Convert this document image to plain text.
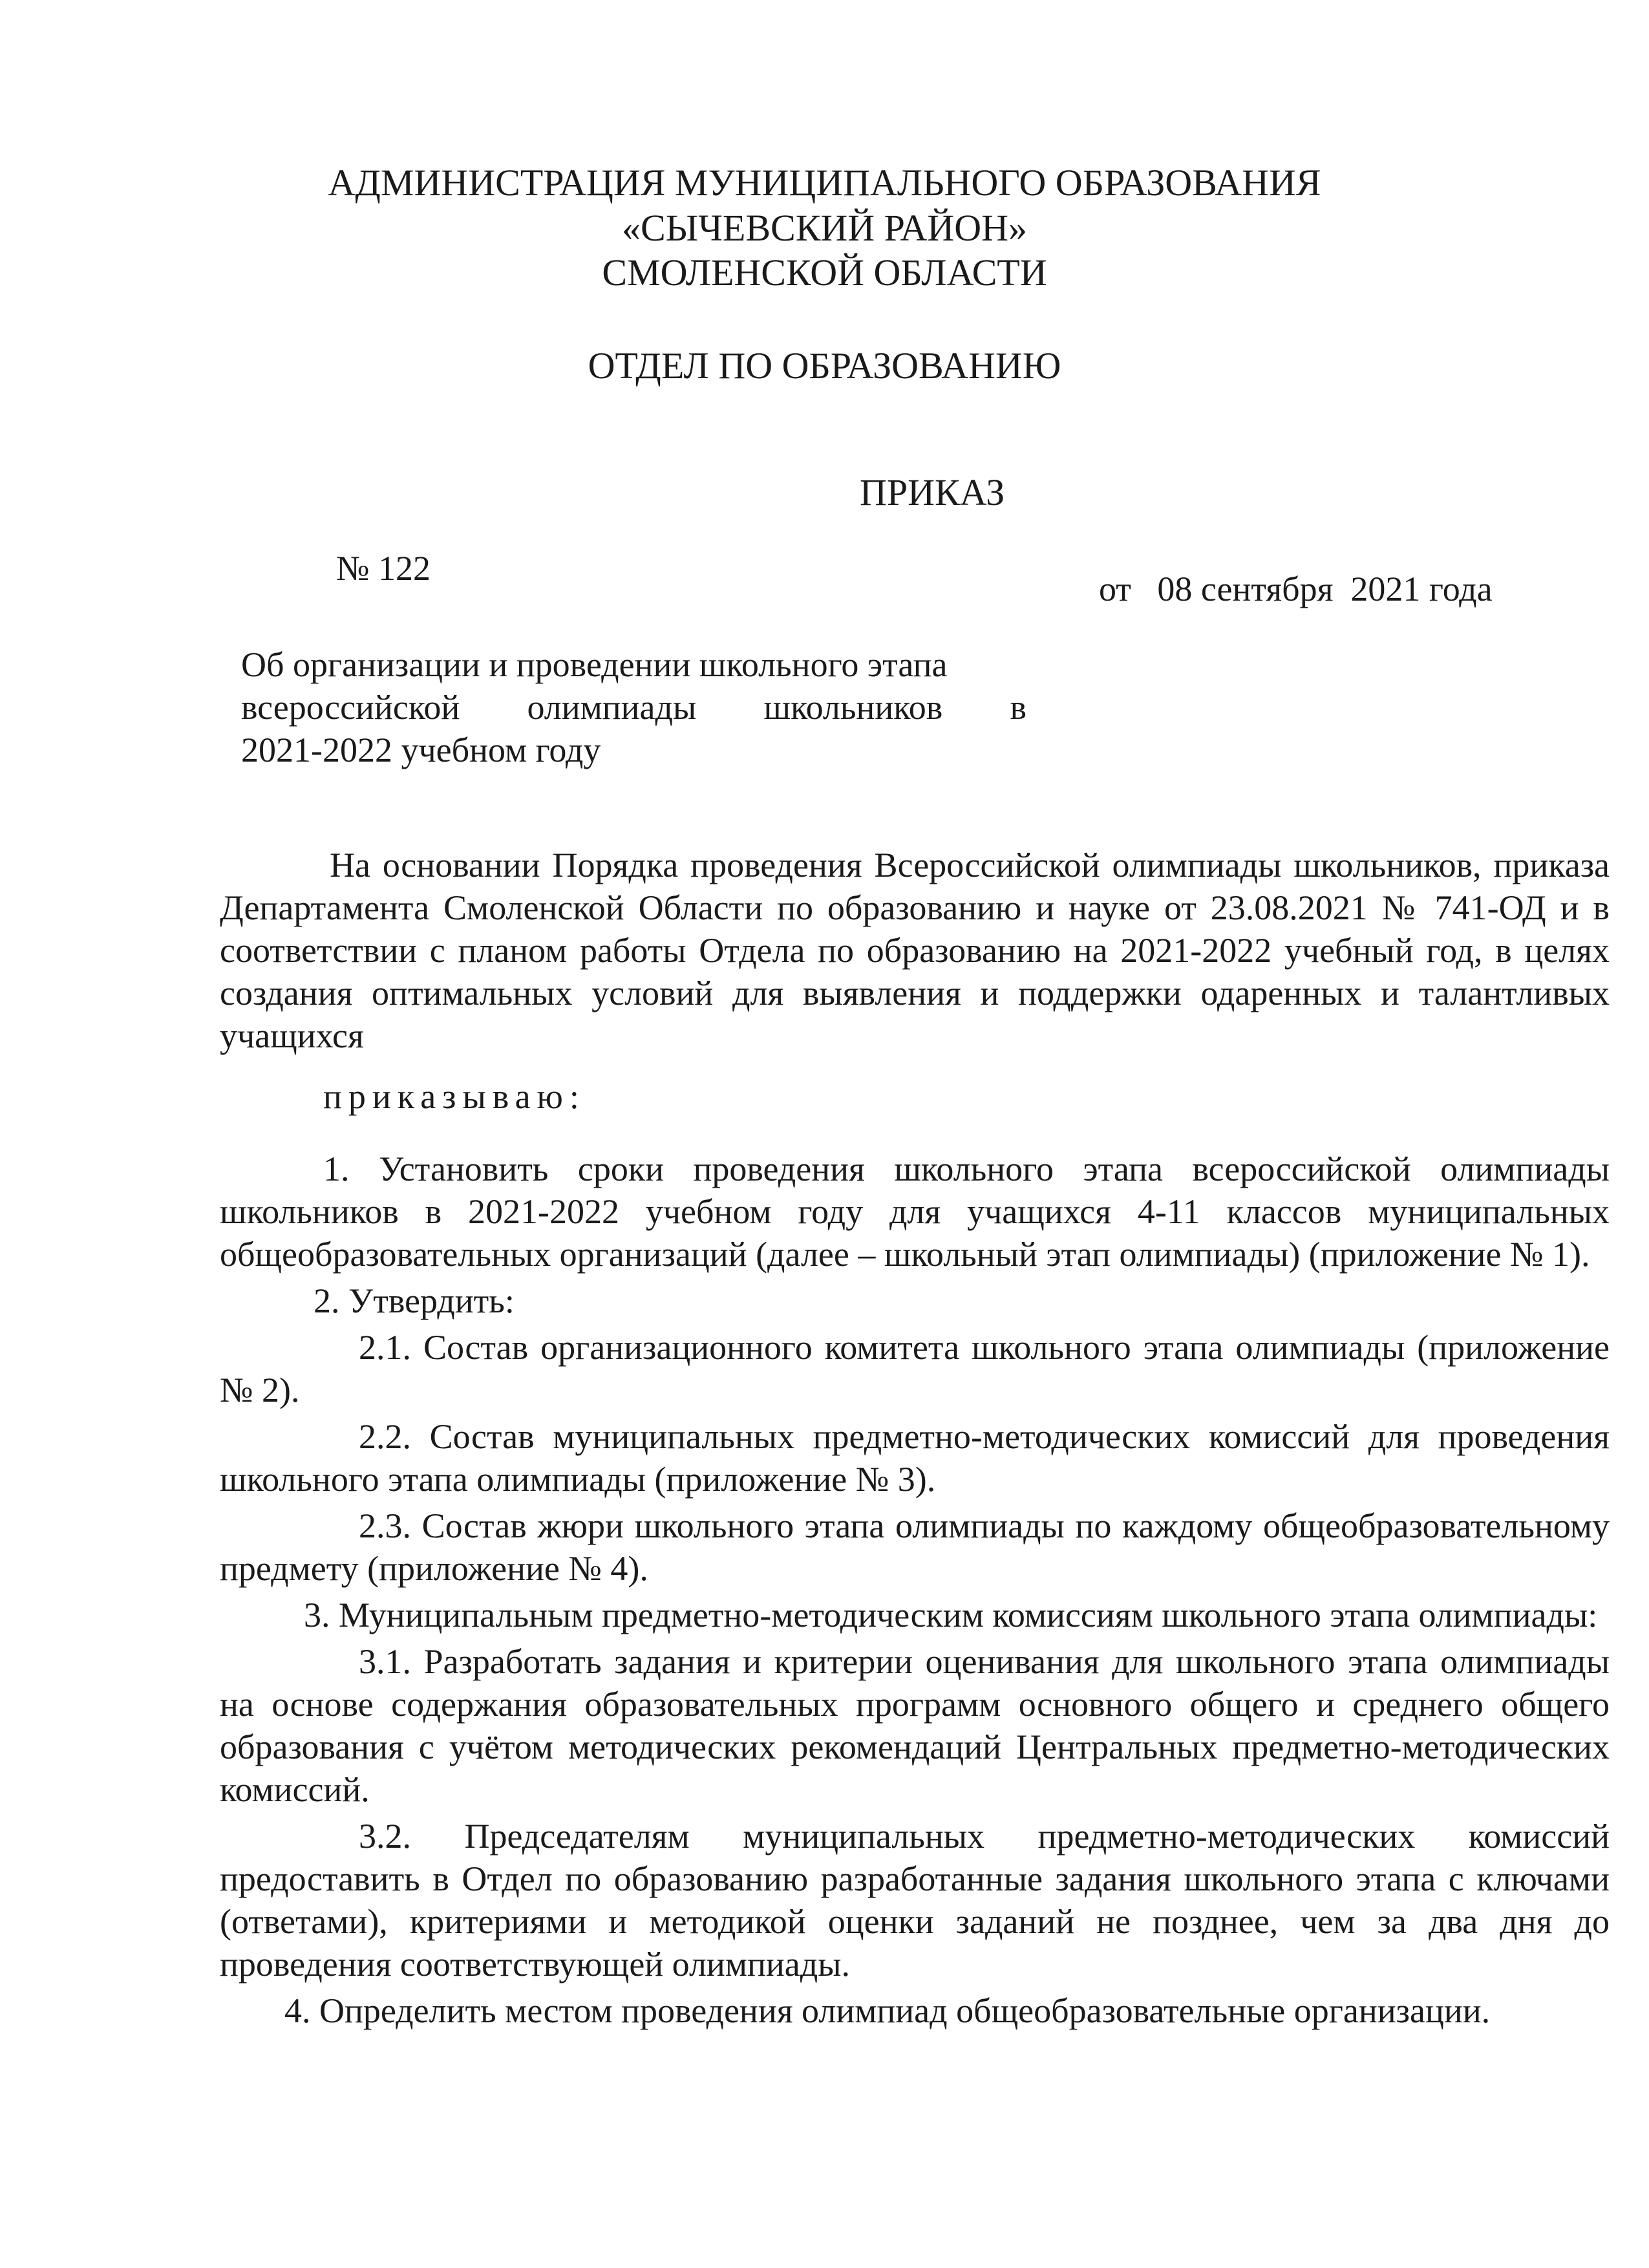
АДМИНИСТРАЦИЯ МУНИЦИПАЛЬНОГО ОБРАЗОВАНИЯ
«СЫЧЕВСКИЙ РАЙОН»
СМОЛЕНСКОЙ ОБЛАСТИ
ОТДЕЛ ПО ОБРАЗОВАНИЮ
ПРИКАЗ
№ 122
от   08 сентября  2021 года
Об организации и проведении школьного этапа
всероссийской олимпиады школьников в
2021-2022 учебном году

На основании Порядка проведения Всероссийской олимпиады школьников, приказа Департамента Смоленской Области по образованию и науке от 23.08.2021 № 741-ОД и в соответствии с планом работы Отдела по образованию на 2021-2022 учебный год, в целях создания оптимальных условий для выявления и поддержки одаренных и талантливых учащихся

приказываю:

1. Установить сроки проведения школьного этапа всероссийской олимпиады школьников в 2021-2022 учебном году для учащихся 4-11 классов муниципальных общеобразовательных организаций (далее – школьный этап олимпиады) (приложение № 1).

2. Утвердить:

2.1. Состав организационного комитета школьного этапа олимпиады (приложение № 2).

2.2. Состав муниципальных предметно-методических комиссий для проведения школьного этапа олимпиады (приложение № 3).

2.3. Состав жюри школьного этапа олимпиады по каждому общеобразовательному предмету (приложение № 4).

3. Муниципальным предметно-методическим комиссиям школьного этапа олимпиады:

3.1. Разработать задания и критерии оценивания для школьного этапа олимпиады на основе содержания образовательных программ основного общего и среднего общего образования с учётом методических рекомендаций Центральных предметно-методических комиссий.

3.2. Председателям муниципальных предметно-методических комиссий предоставить в Отдел по образованию разработанные задания школьного этапа с ключами (ответами), критериями и методикой оценки заданий не позднее, чем за два дня до проведения соответствующей олимпиады.

4. Определить местом проведения олимпиад общеобразовательные организации.
